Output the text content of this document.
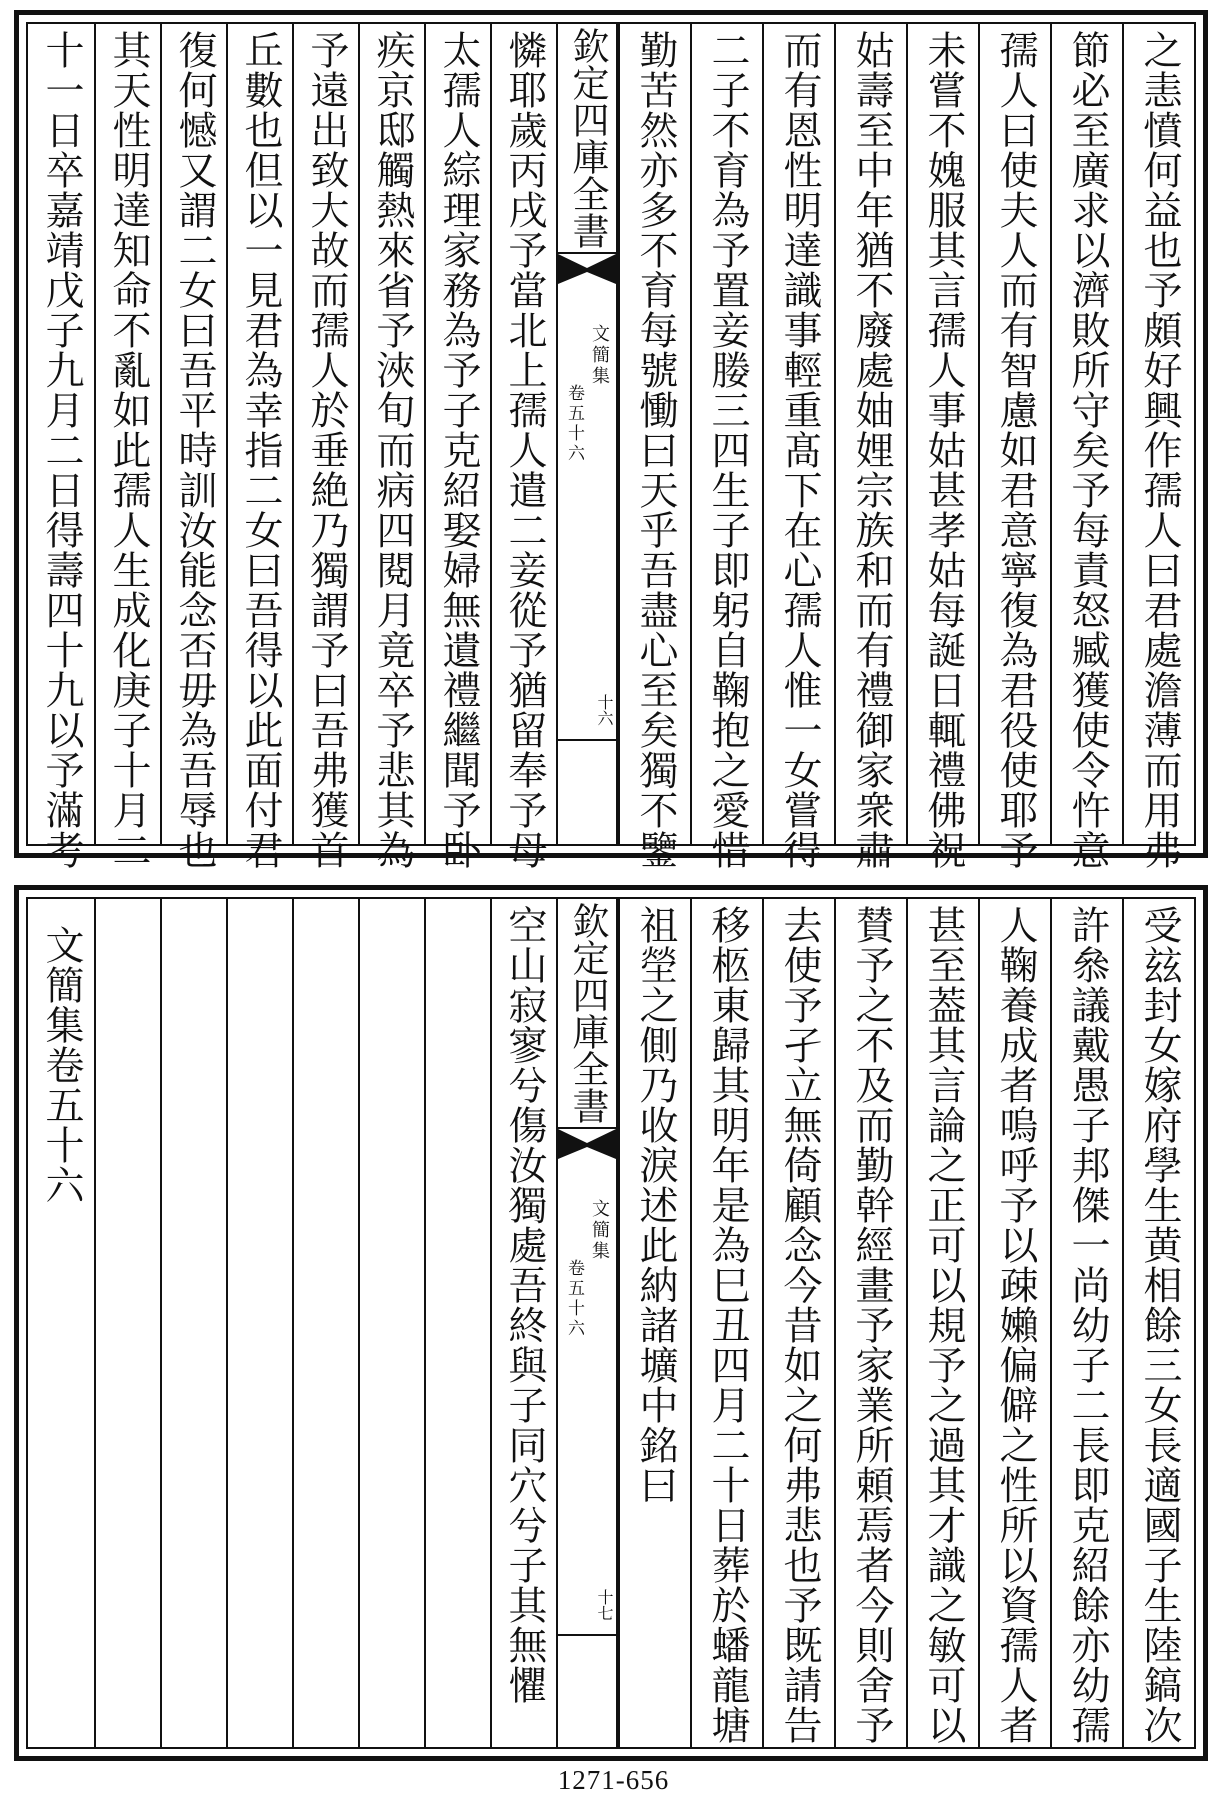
十一日卒嘉靖戊子九月二日得壽四十九以予滿考 其天性明達知命不亂如此孺人生成化庚子十月二 復何憾又謂二女曰吾平時訓汝能念否毋為吾辱也 丘數也但以一見君為幸指二女曰吾得以此面付君 予遠出致大故而孺人於垂絶乃獨謂予曰吾弗獲首 疾京邸觸熱來省予浹旬而病四閱月竟卒予悲其為 太孺人綜理家務為予子克紹娶婦無遺禮繼聞予卧 憐耶歲丙戌予當北上孺人遣二妾從予猶留奉予母 欽定四庫全書
文簡集
卷五十六
十六 勤苦然亦多不育每號慟曰天乎吾盡心至矣獨不鑒 二子不育為予置妾媵三四生子即躬自鞠抱之愛惜 而有恩性明達識事輕重髙下在心孺人惟一女嘗得 姑壽至中年猶不廢處妯娌宗族和而有禮御家衆肅 未嘗不媿服其言孺人事姑甚孝姑每誕日輒禮佛祝 孺人曰使夫人而有智慮如君意寧復為君役使耶予 節必至廣求以濟敗所守矣予每責怒臧獲使令忤意 之恚憤何益也予頗好興作孺人曰君處澹薄而用弗
文簡集卷五十六	空山寂寥兮傷汝獨處吾終與子同穴兮子其無懼 欽定四庫全書
文簡集
卷五十六
十七
祖塋之側乃收淚述此納諸壙中銘曰 移柩東歸其明年是為巳丑四月二十日葬於蟠龍塘 去使予孑立無倚顧念今昔如之何弗悲也予既請告 賛予之不及而勤幹經畫予家業所頼焉者今則舍予 甚至葢其言論之正可以規予之過其才識之敏可以 人鞠養成者嗚呼予以疎嬾偏僻之性所以資孺人者 許叅議戴愚子邦傑一尚幼子二長即克紹餘亦幼孺 受玆封女嫁府學生黄相餘三女長適國子生陸鎬次
1271-656
